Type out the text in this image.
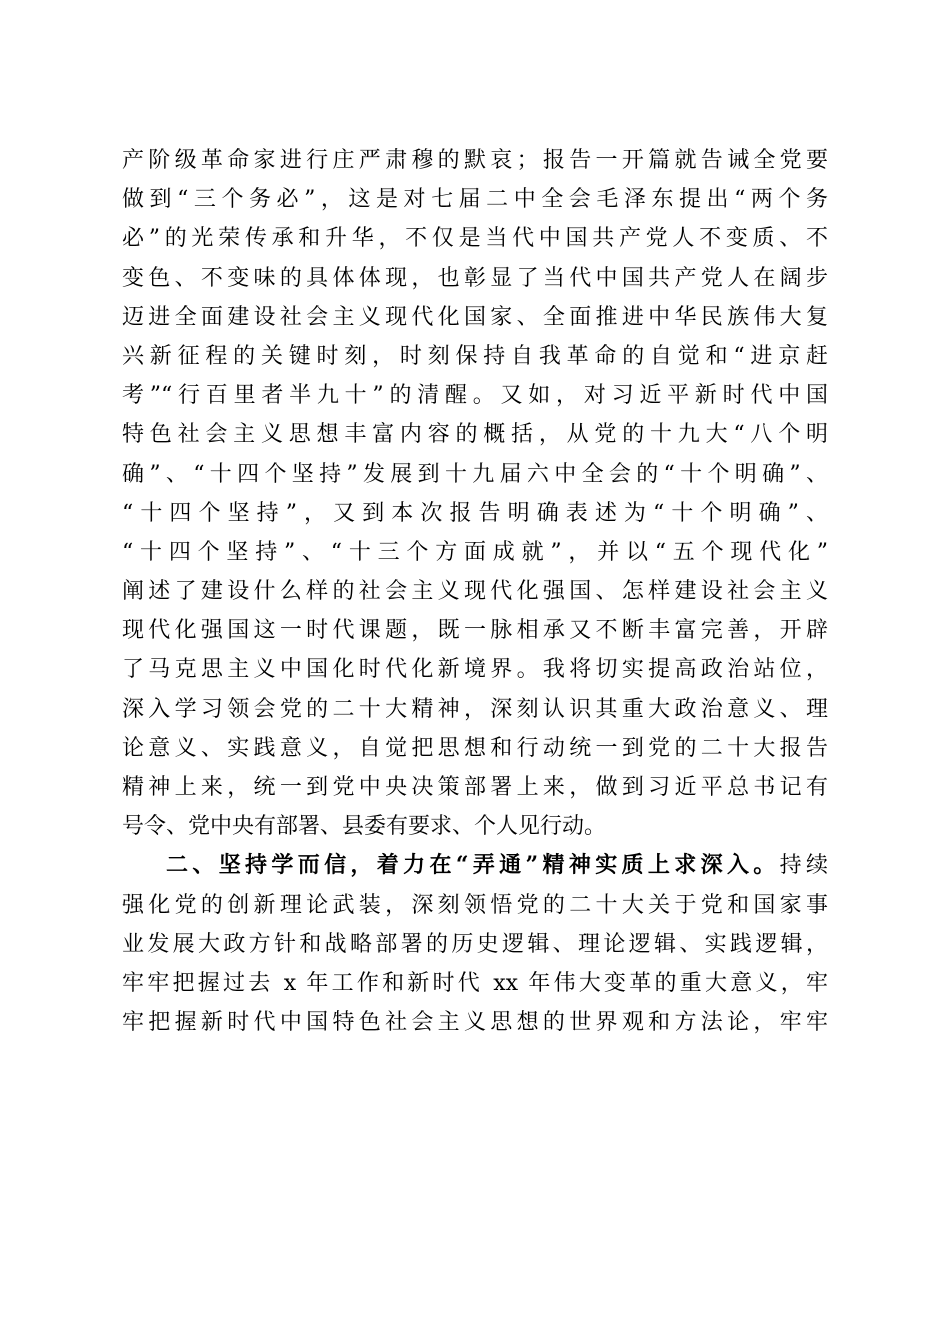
产阶级革命家进行庄严肃穆的默哀；报告一开篇就告诫全党要
做到“三个务必”，这是对七届二中全会毛泽东提出“两个务
必”的光荣传承和升华，不仅是当代中国共产党人不变质、不
变色、不变味的具体体现，也彰显了当代中国共产党人在阔步
迈进全面建设社会主义现代化国家、全面推进中华民族伟大复
兴新征程的关键时刻，时刻保持自我革命的自觉和“进京赶
考”“行百里者半九十”的清醒。又如，对习近平新时代中国
特色社会主义思想丰富内容的概括，从党的十九大“八个明
确”、“十四个坚持”发展到十九届六中全会的“十个明确”、
“十四个坚持”，又到本次报告明确表述为“十个明确”、
“十四个坚持”、“十三个方面成就”，并以“五个现代化”
阐述了建设什么样的社会主义现代化强国、怎样建设社会主义
现代化强国这一时代课题，既一脉相承又不断丰富完善，开辟
了马克思主义中国化时代化新境界。我将切实提高政治站位，
深入学习领会党的二十大精神，深刻认识其重大政治意义、理
论意义、实践意义，自觉把思想和行动统一到党的二十大报告
精神上来，统一到党中央决策部署上来，做到习近平总书记有
号令、党中央有部署、县委有要求、个人见行动。
二、坚持学而信，着力在“弄通”精神实质上求深入。持续
强化党的创新理论武装，深刻领悟党的二十大关于党和国家事
业发展大政方针和战略部署的历史逻辑、理论逻辑、实践逻辑，
牢牢把握过去 x 年工作和新时代 xx 年伟大变革的重大意义，牢
牢把握新时代中国特色社会主义思想的世界观和方法论，牢牢
